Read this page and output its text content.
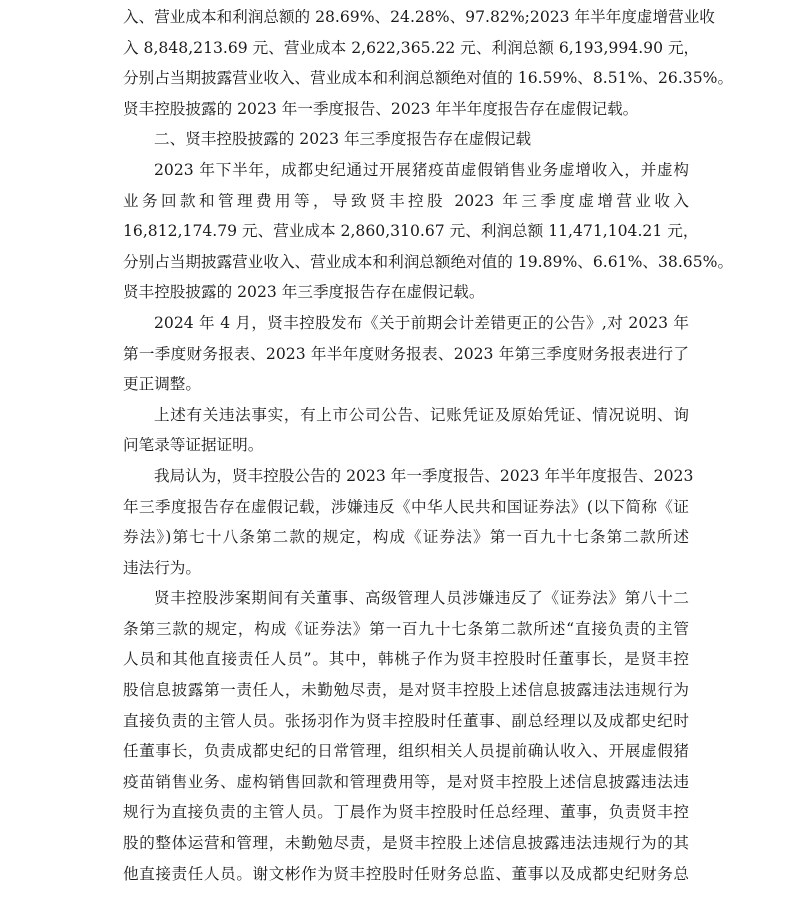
入、营业成本和利润总额的 28.69%、24.28%、97.82%;2023 年半年度虚增营业收
入 8,848,213.69 元、营业成本 2,622,365.22 元、利润总额 6,193,994.90 元，
分别占当期披露营业收入、营业成本和利润总额绝对值的 16.59%、8.51%、26.35%。
贤丰控股披露的 2023 年一季度报告、2023 年半年度报告存在虚假记载。
二、贤丰控股披露的 2023 年三季度报告存在虚假记载
2023 年下半年，成都史纪通过开展猪疫苗虚假销售业务虚增收入，并虚构
业务回款和管理费用等，导致贤丰控股 2023 年三季度虚增营业收入
16,812,174.79 元、营业成本 2,860,310.67 元、利润总额 11,471,104.21 元，
分别占当期披露营业收入、营业成本和利润总额绝对值的 19.89%、6.61%、38.65%。
贤丰控股披露的 2023 年三季度报告存在虚假记载。
2024 年 4 月，贤丰控股发布《关于前期会计差错更正的公告》,对 2023 年
第一季度财务报表、2023 年半年度财务报表、2023 年第三季度财务报表进行了
更正调整。
上述有关违法事实，有上市公司公告、记账凭证及原始凭证、情况说明、询
问笔录等证据证明。
我局认为，贤丰控股公告的 2023 年一季度报告、2023 年半年度报告、2023
年三季度报告存在虚假记载，涉嫌违反《中华人民共和国证券法》(以下简称《证
券法》)第七十八条第二款的规定，构成《证券法》第一百九十七条第二款所述
违法行为。
贤丰控股涉案期间有关董事、高级管理人员涉嫌违反了《证券法》第八十二
条第三款的规定，构成《证券法》第一百九十七条第二款所述“直接负责的主管
人员和其他直接责任人员”。其中，韩桃子作为贤丰控股时任董事长，是贤丰控
股信息披露第一责任人，未勤勉尽责，是对贤丰控股上述信息披露违法违规行为
直接负责的主管人员。张扬羽作为贤丰控股时任董事、副总经理以及成都史纪时
任董事长，负责成都史纪的日常管理，组织相关人员提前确认收入、开展虚假猪
疫苗销售业务、虚构销售回款和管理费用等，是对贤丰控股上述信息披露违法违
规行为直接负责的主管人员。丁晨作为贤丰控股时任总经理、董事，负责贤丰控
股的整体运营和管理，未勤勉尽责，是贤丰控股上述信息披露违法违规行为的其
他直接责任人员。谢文彬作为贤丰控股时任财务总监、董事以及成都史纪财务总
